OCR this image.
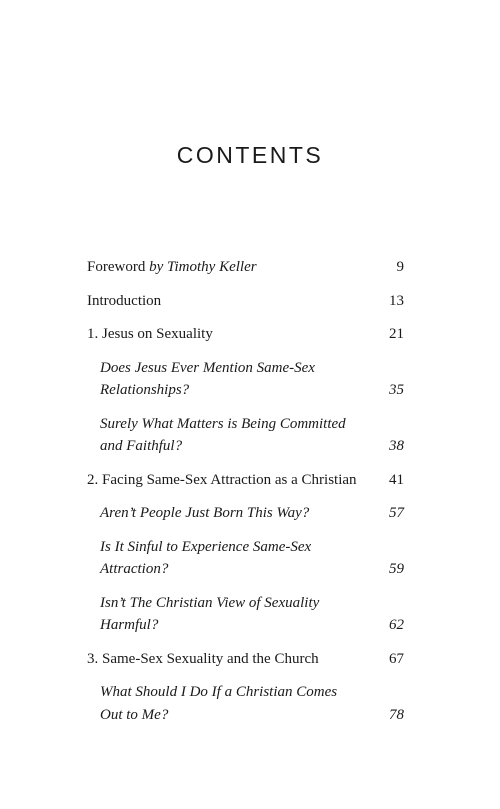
CONTENTS
Foreword by Timothy Keller	9
Introduction	13
1. Jesus on Sexuality	21
Does Jesus Ever Mention Same-Sex
Relationships?	35
Surely What Matters is Being Committed
and Faithful?	38
2. Facing Same-Sex Attraction as a Christian	41
Aren’t People Just Born This Way?	57
Is It Sinful to Experience Same-Sex Attraction?	59
Isn’t The Christian View of Sexuality Harmful?	62
3. Same-Sex Sexuality and the Church	67
What Should I Do If a Christian Comes
Out to Me?	78
